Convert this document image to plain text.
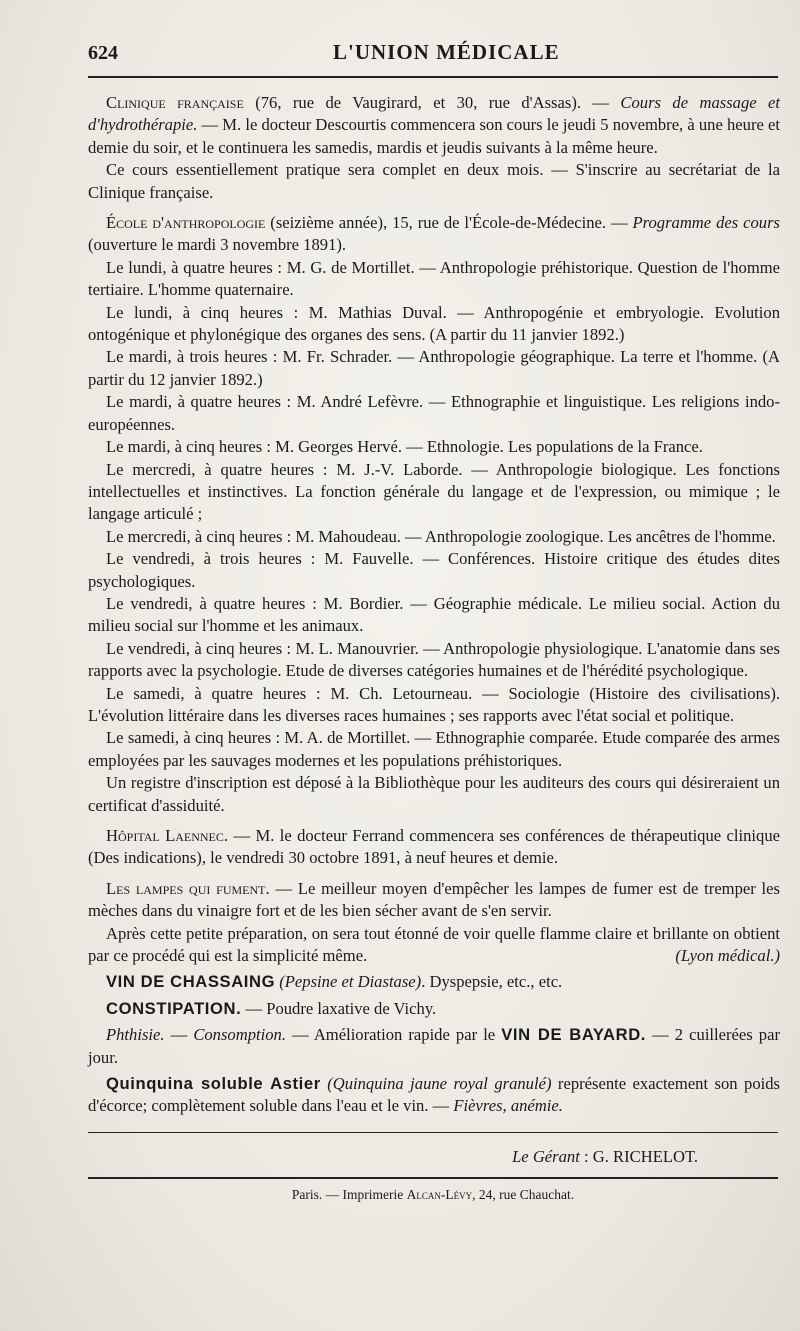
624	L'UNION MÉDICALE

Clinique française (76, rue de Vaugirard, et 30, rue d'Assas). — Cours de massage et d'hydrothérapie. — M. le docteur Descourtis commencera son cours le jeudi 5 novembre, à une heure et demie du soir, et le continuera les samedis, mardis et jeudis suivants à la même heure.

Ce cours essentiellement pratique sera complet en deux mois. — S'inscrire au secrétariat de la Clinique française.

École d'anthropologie (seizième année), 15, rue de l'École-de-Médecine. — Programme des cours (ouverture le mardi 3 novembre 1891).

Le lundi, à quatre heures : M. G. de Mortillet. — Anthropologie préhistorique. Question de l'homme tertiaire. L'homme quaternaire.

Le lundi, à cinq heures : M. Mathias Duval. — Anthropogénie et embryologie. Evolution ontogénique et phylonégique des organes des sens. (A partir du 11 janvier 1892.)

Le mardi, à trois heures : M. Fr. Schrader. — Anthropologie géographique. La terre et l'homme. (A partir du 12 janvier 1892.)

Le mardi, à quatre heures : M. André Lefèvre. — Ethnographie et linguistique. Les religions indo-européennes.

Le mardi, à cinq heures : M. Georges Hervé. — Ethnologie. Les populations de la France.

Le mercredi, à quatre heures : M. J.-V. Laborde. — Anthropologie biologique. Les fonctions intellectuelles et instinctives. La fonction générale du langage et de l'expression, ou mimique ; le langage articulé ;

Le mercredi, à cinq heures : M. Mahoudeau. — Anthropologie zoologique. Les ancêtres de l'homme.

Le vendredi, à trois heures : M. Fauvelle. — Conférences. Histoire critique des études dites psychologiques.

Le vendredi, à quatre heures : M. Bordier. — Géographie médicale. Le milieu social. Action du milieu social sur l'homme et les animaux.

Le vendredi, à cinq heures : M. L. Manouvrier. — Anthropologie physiologique. L'anatomie dans ses rapports avec la psychologie. Etude de diverses catégories humaines et de l'hérédité psychologique.

Le samedi, à quatre heures : M. Ch. Letourneau. — Sociologie (Histoire des civilisations). L'évolution littéraire dans les diverses races humaines ; ses rapports avec l'état social et politique.

Le samedi, à cinq heures : M. A. de Mortillet. — Ethnographie comparée. Etude comparée des armes employées par les sauvages modernes et les populations préhistoriques.

Un registre d'inscription est déposé à la Bibliothèque pour les auditeurs des cours qui désireraient un certificat d'assiduité.

Hôpital Laennec. — M. le docteur Ferrand commencera ses conférences de thérapeutique clinique (Des indications), le vendredi 30 octobre 1891, à neuf heures et demie.

Les lampes qui fument. — Le meilleur moyen d'empêcher les lampes de fumer est de tremper les mèches dans du vinaigre fort et de les bien sécher avant de s'en servir.

Après cette petite préparation, on sera tout étonné de voir quelle flamme claire et brillante on obtient par ce procédé qui est la simplicité même.	(Lyon médical.)

VIN DE CHASSAING (Pepsine et Diastase). Dyspepsie, etc., etc.

CONSTIPATION. — Poudre laxative de Vichy.

Phthisie. — Consomption. — Amélioration rapide par le VIN DE BAYARD. — 2 cuillerées par jour.

Quinquina soluble Astier (Quinquina jaune royal granulé) représente exactement son poids d'écorce; complètement soluble dans l'eau et le vin. — Fièvres, anémie.

Le Gérant : G. RICHELOT.
Paris. — Imprimerie Alcan-Lévy, 24, rue Chauchat.
